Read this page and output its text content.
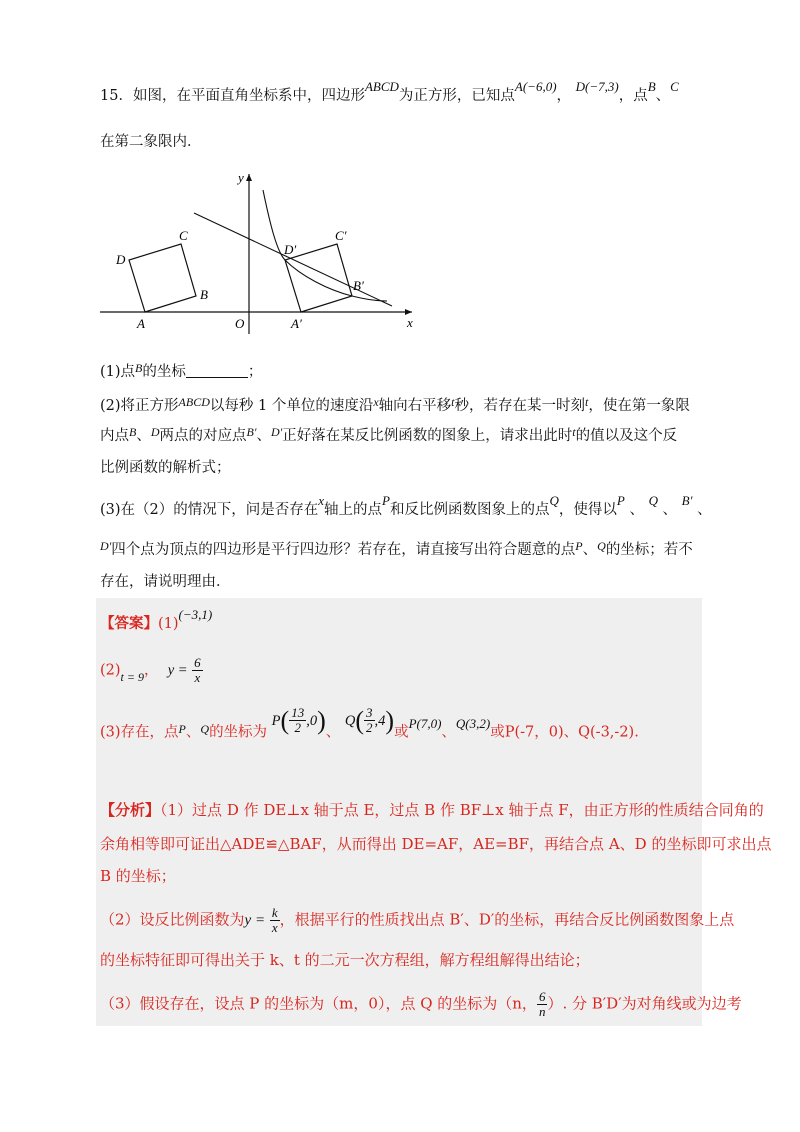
15．如图，在平面直角坐标系中，四边形ABCD为正方形，已知点A(−6,0)， D(−7,3)，点B、C
在第二象限内．
y
x
O
A
B
C
D
A′
B′
C′
D′
(1)点$^B$的坐标	；
(2)将正方形$^{ABCD}$以每秒 1 个单位的速度沿$^x$轴向右平移$^t$秒，若存在某一时刻$^t$，使在第一象限
内点$^B$、$^D$两点的对应点$^{B'}$、$^{D'}$正好落在某反比例函数的图象上，请求出此时$^t$的值以及这个反
比例函数的解析式；
(3)在（2）的情况下，问是否存在x轴上的点P和反比例函数图象上的点Q，使得以P 、 Q 、 B′ 、
$^{D'}$四个点为顶点的四边形是平行四边形？若存在，请直接写出符合题意的点$^P$、$^Q$的坐标；若不
存在，请说明理由．
【答案】(1)(−3,1)
$(2)_{t = 9}$，  $y = \frac{6}{x}$
(3)存在，点$^P$、$^Q$的坐标为 $P( \frac{13}{2} ,0)$、 $Q( \frac{3}{2} ,4)$或P(7,0)、Q(3,2)或P(-7，0)、Q(-3,-2).
【分析】（1）过点 D 作 DE⊥x 轴于点 E，过点 B 作 BF⊥x 轴于点 F，由正方形的性质结合同角的
余角相等即可证出△ADE≌△BAF，从而得出 DE=AF，AE=BF，再结合点 A、D 的坐标即可求出点
B 的坐标；
（2）设反比例函数为$y = \frac{k}{x}$ ，根据平行的性质找出点 B′、D′的坐标，再结合反比例函数图象上点
的坐标特征即可得出关于 k、t 的二元一次方程组，解方程组解得出结论；
（3）假设存在，设点 P 的坐标为（m，0），点 Q 的坐标为（n， $\frac{6}{n}$ ）. 分 B′D′为对角线或为边考
